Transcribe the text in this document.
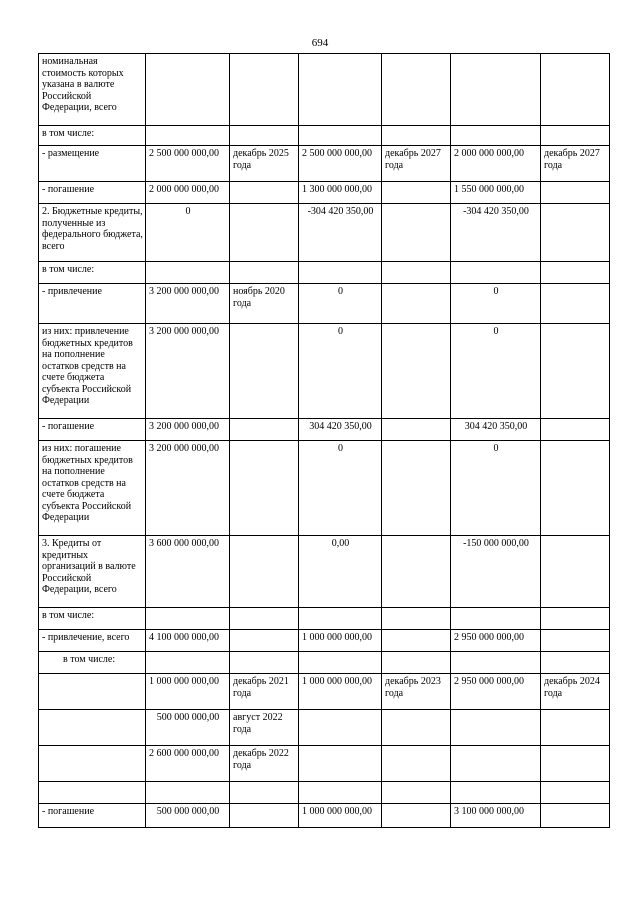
694
номинальная стоимость которых указана в валюте Российской Федерации, всего						
в том числе:						
- размещение	2 500 000 000,00	декабрь 2025 года	2 500 000 000,00	декабрь 2027 года	2 000 000 000,00	декабрь 2027 года
- погашение	2 000 000 000,00		1 300 000 000,00		1 550 000 000,00	
2. Бюджетные кредиты, полученные из федерального бюджета, всего	0		-304 420 350,00		-304 420 350,00	
в том числе:						
- привлечение	3 200 000 000,00	ноябрь 2020 года	0		0	
из них: привлечение бюджетных кредитов на пополнение остатков средств на счете бюджета субъекта Российской Федерации	3 200 000 000,00		0		0	
- погашение	3 200 000 000,00		304 420 350,00		304 420 350,00	
из них: погашение бюджетных кредитов на пополнение остатков средств на счете бюджета субъекта Российской Федерации	3 200 000 000,00		0		0	
3. Кредиты от кредитных организаций в валюте Российской Федерации, всего	3 600 000 000,00		0,00		-150 000 000,00	
в том числе:						
- привлечение, всего	4 100 000 000,00		1 000 000 000,00		2 950 000 000,00	
в том числе:						
	1 000 000 000,00	декабрь 2021 года	1 000 000 000,00	декабрь 2023 года	2 950 000 000,00	декабрь 2024 года
	500 000 000,00	август 2022 года				
	2 600 000 000,00	декабрь 2022 года				

- погашение	500 000 000,00		1 000 000 000,00		3 100 000 000,00	
